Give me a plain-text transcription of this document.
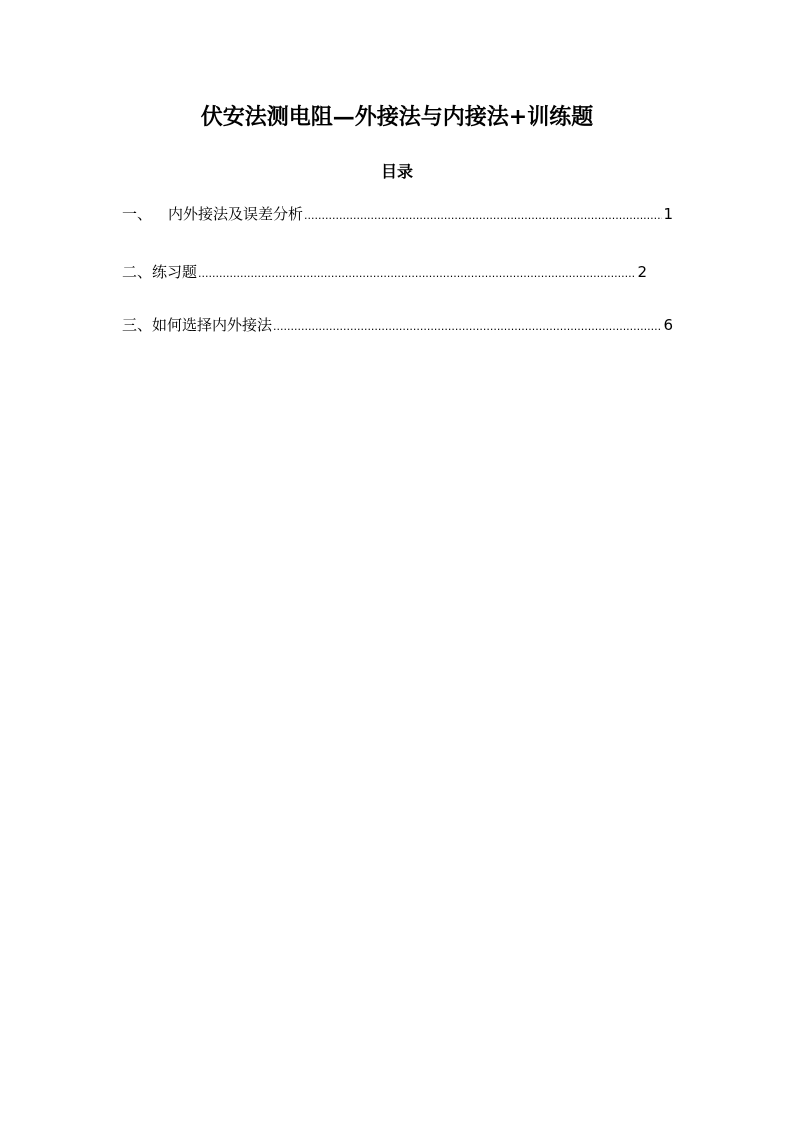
伏安法测电阻—外接法与内接法+训练题
目录
一、	内外接法及误差分析 .....	1
二、 练习题 .....	2
三、 如何选择内外接法 .....	6
